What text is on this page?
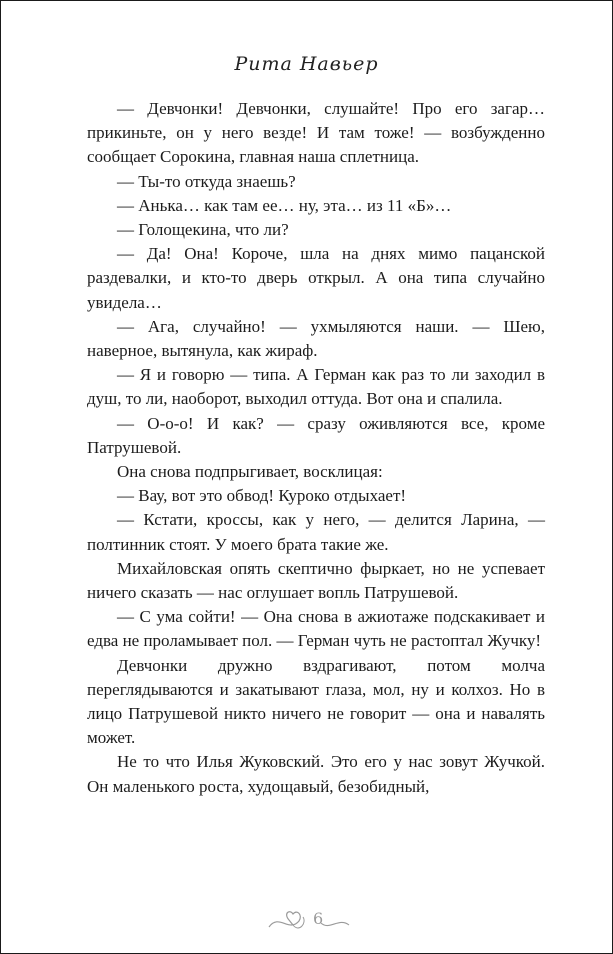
Рита Навьер

— Девчонки! Девчонки, слушайте! Про его загар… прикиньте, он у него везде! И там тоже! — возбужденно сообщает Сорокина, главная наша сплетница.

— Ты-то откуда знаешь?

— Анька… как там ее… ну, эта… из 11 «Б»…

— Голощекина, что ли?

— Да! Она! Короче, шла на днях мимо пацанской раздевалки, и кто-то дверь открыл. А она типа случайно увидела…

— Ага, случайно! — ухмыляются наши. — Шею, наверное, вытянула, как жираф.

— Я и говорю — типа. А Герман как раз то ли заходил в душ, то ли, наоборот, выходил оттуда. Вот она и спалила.

— О-о-о! И как? — сразу оживляются все, кроме Патрушевой.

Она снова подпрыгивает, восклицая:

— Вау, вот это обвод! Куроко отдыхает!

— Кстати, кроссы, как у него, — делится Ларина, — полтинник стоят. У моего брата такие же.

Михайловская опять скептично фыркает, но не успевает ничего сказать — нас оглушает вопль Патрушевой.

— С ума сойти! — Она снова в ажиотаже подскакивает и едва не проламывает пол. — Герман чуть не растоптал Жучку!

Девчонки дружно вздрагивают, потом молча переглядываются и закатывают глаза, мол, ну и колхоз. Но в лицо Патрушевой никто ничего не говорит — она и навалять может.

Не то что Илья Жуковский. Это его у нас зовут Жучкой. Он маленького роста, худощавый, безобидный,

6
